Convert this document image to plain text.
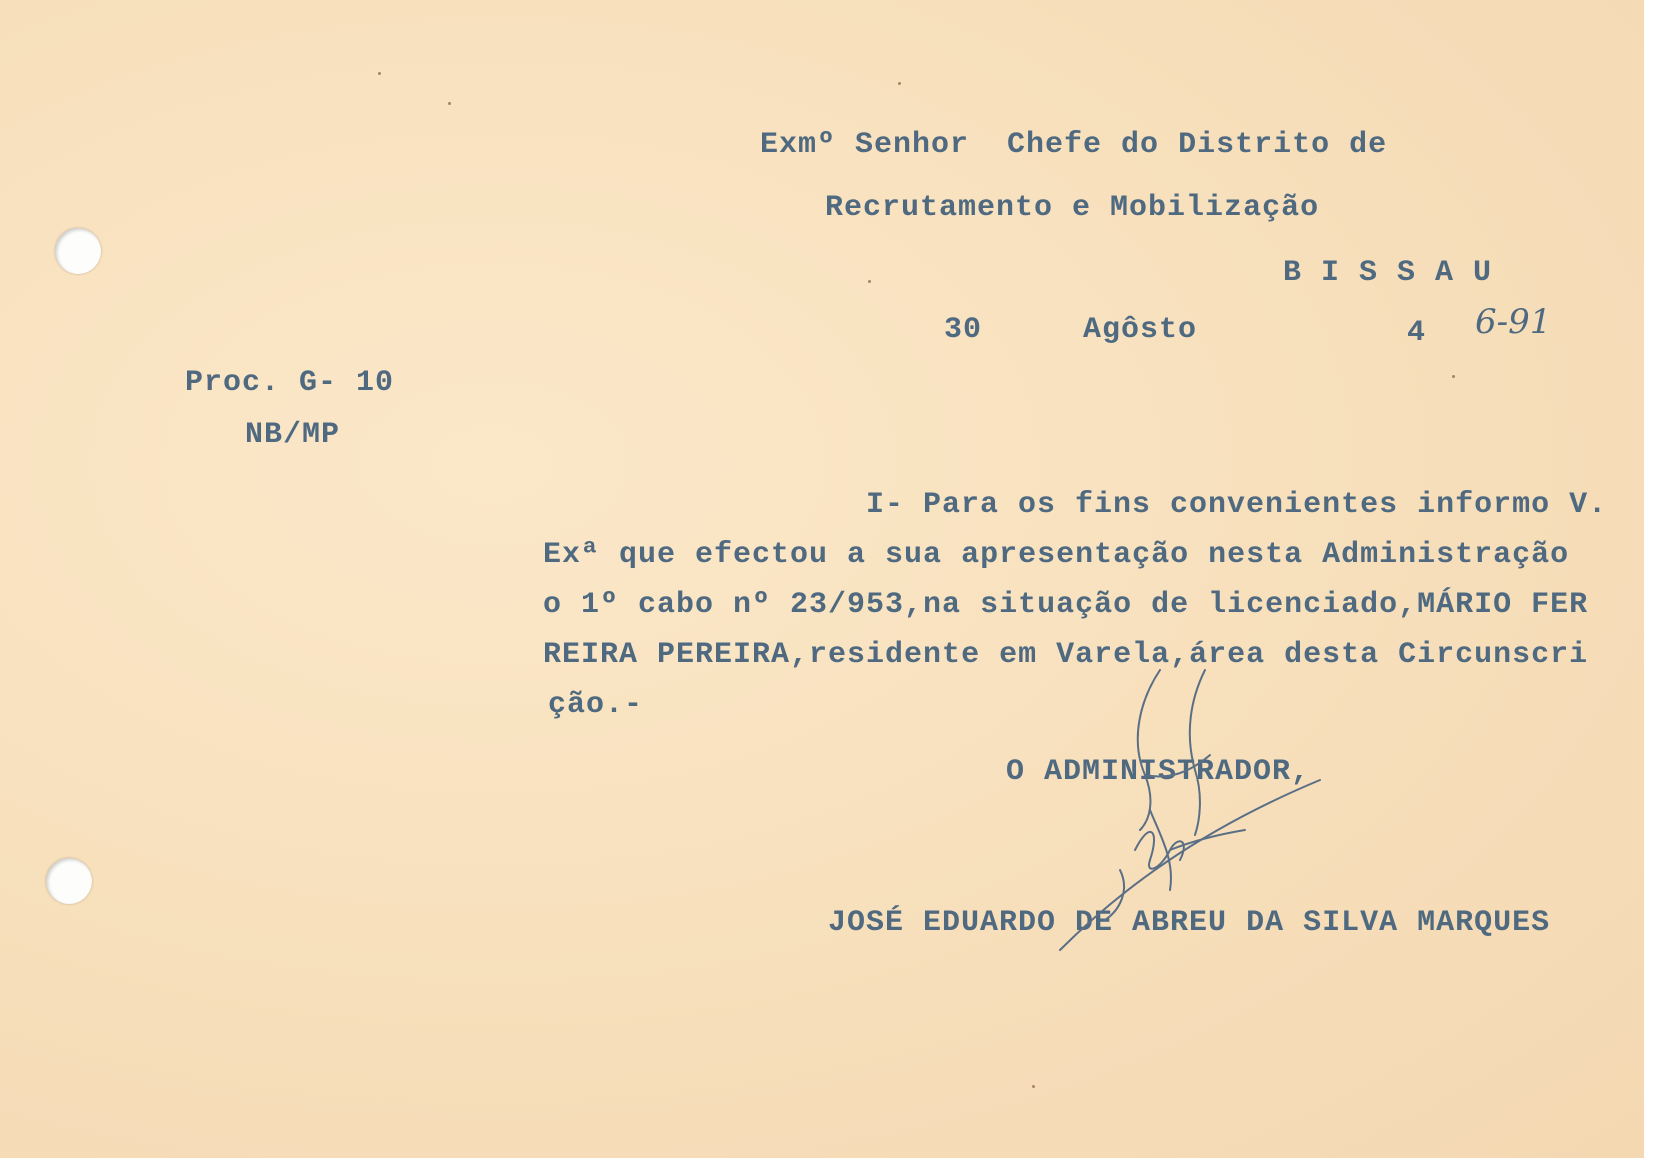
Exmº Senhor  Chefe do Distrito de
Recrutamento e Mobilização
B I S S A U
30	Agôsto	4 6-91
Proc. G- 10
NB/MP
I- Para os fins convenientes informo V.
Exª que efectou a sua apresentação nesta Administração
o 1º cabo nº 23/953,na situação de licenciado,MÁRIO FER
REIRA PEREIRA,residente em Varela,área desta Circunscri
ção.-
O ADMINISTRADOR,
JOSÉ EDUARDO DE ABREU DA SILVA MARQUES
